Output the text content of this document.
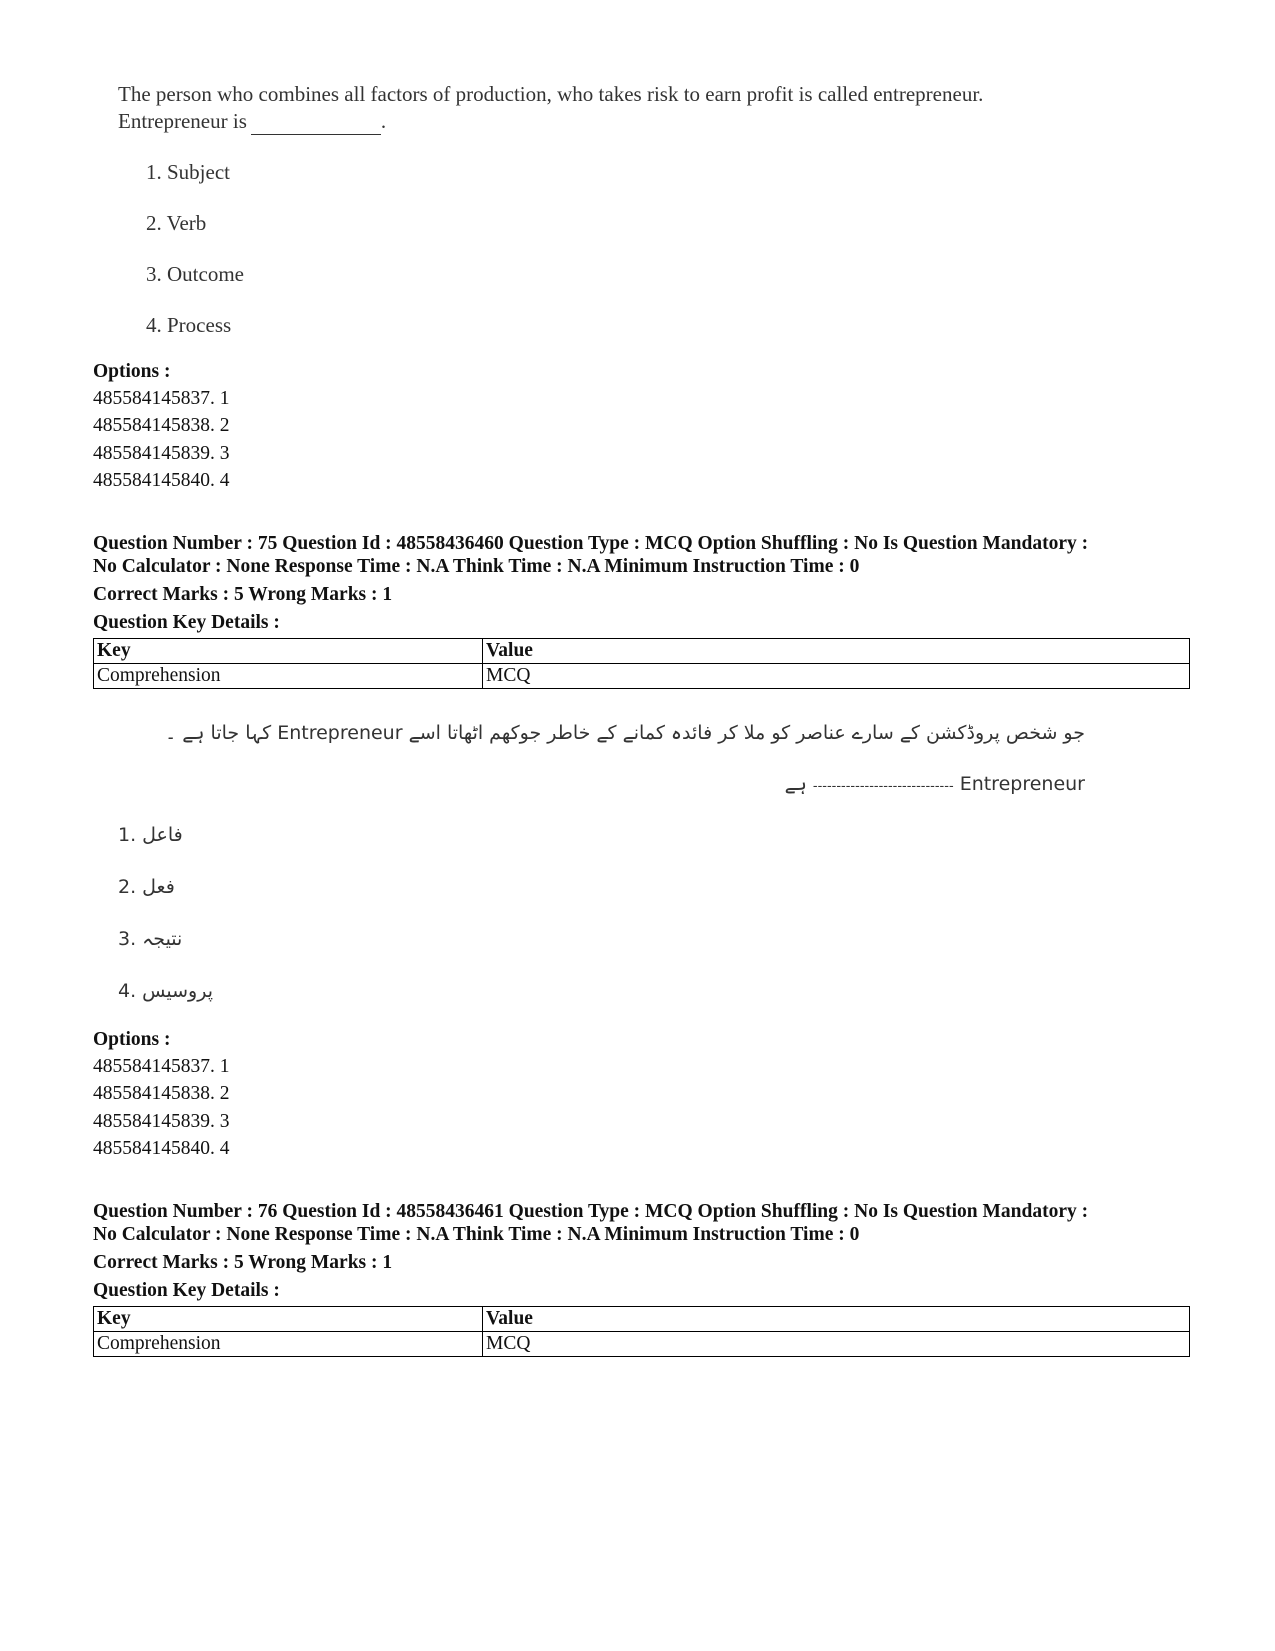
The person who combines all factors of production, who takes risk to earn profit is called entrepreneur.
Entrepreneur is	.
1. Subject
2. Verb
3. Outcome
4. Process
Options :
485584145837. 1
485584145838. 2
485584145839. 3
485584145840. 4
Question Number : 75 Question Id : 48558436460 Question Type : MCQ Option Shuffling : No Is Question Mandatory :
No Calculator : None Response Time : N.A Think Time : N.A Minimum Instruction Time : 0
Correct Marks : 5 Wrong Marks : 1
Question Key Details :
Key	Value
Comprehension	MCQ
جو شخص پروڈکشن کے سارے عناصر کو ملا کر فائدہ کمانے کے خاطر جوکھم اٹھاتا اسے Entrepreneur کہا جاتا ہے ۔
Entrepreneur ------------------------------ ہے
1. فاعل
2. فعل
3. نتیجہ
4. پروسیس
Options :
485584145837. 1
485584145838. 2
485584145839. 3
485584145840. 4
Question Number : 76 Question Id : 48558436461 Question Type : MCQ Option Shuffling : No Is Question Mandatory :
No Calculator : None Response Time : N.A Think Time : N.A Minimum Instruction Time : 0
Correct Marks : 5 Wrong Marks : 1
Question Key Details :
Key	Value
Comprehension	MCQ
